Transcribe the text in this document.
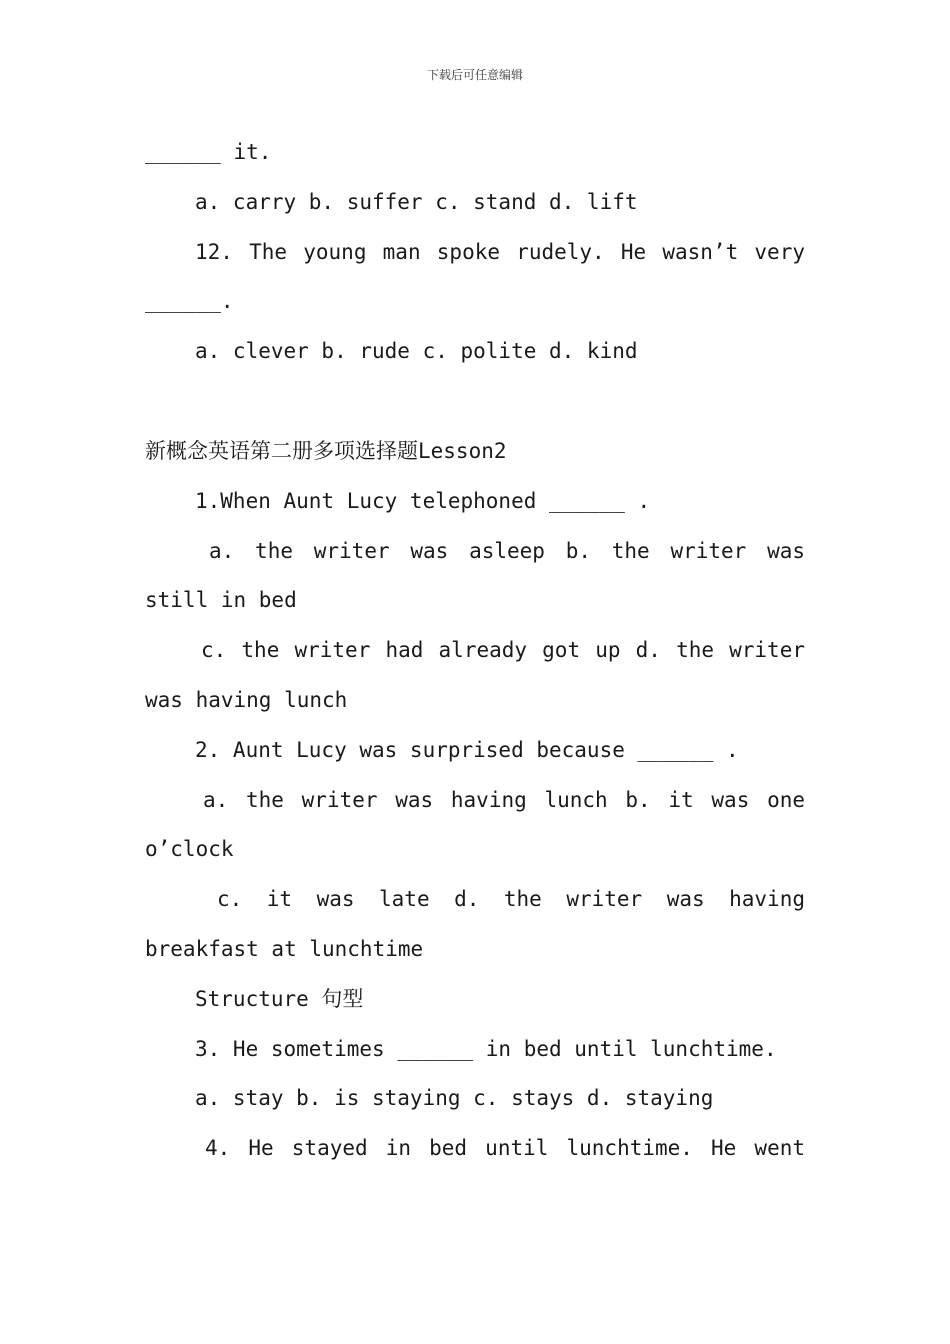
下载后可任意编辑
______ it.
a. carry b. suffer c. stand d. lift
12. The young man spoke rudely. He wasn’t very
______.
a. clever b. rude c. polite d. kind
新概念英语第二册多项选择题Lesson2
1.When Aunt Lucy telephoned ______ .
a. the writer was asleep b. the writer was
still in bed
c. the writer had already got up d. the writer
was having lunch
2. Aunt Lucy was surprised because ______ .
a. the writer was having lunch b. it was one
o’clock
c. it was late d. the writer was having
breakfast at lunchtime
Structure 句型
3. He sometimes ______ in bed until lunchtime.
a. stay b. is staying c. stays d. staying
4. He stayed in bed until lunchtime. He went
